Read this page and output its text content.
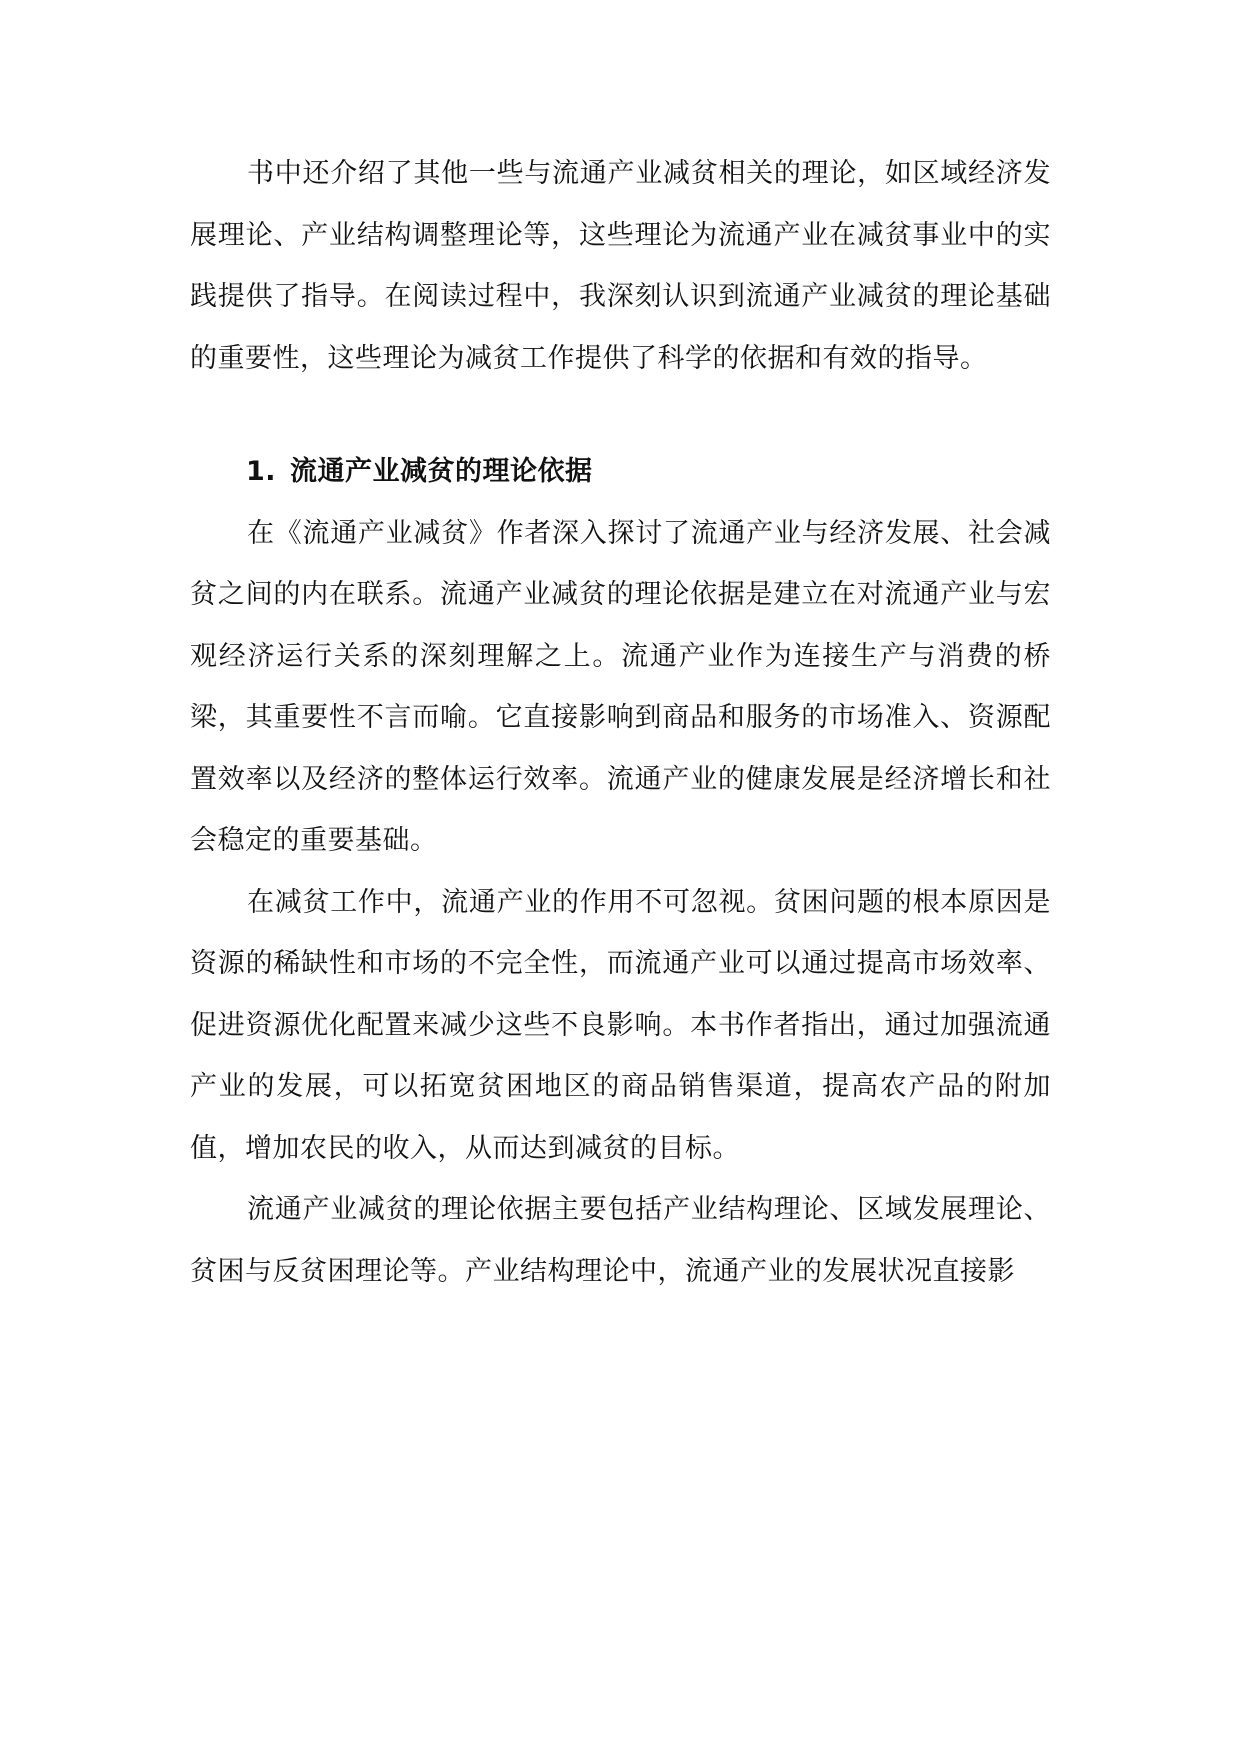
书中还介绍了其他一些与流通产业减贫相关的理论，如区域经济发展理论、产业结构调整理论等，这些理论为流通产业在减贫事业中的实践提供了指导。在阅读过程中，我深刻认识到流通产业减贫的理论基础的重要性，这些理论为减贫工作提供了科学的依据和有效的指导。

1. 流通产业减贫的理论依据

在《流通产业减贫》作者深入探讨了流通产业与经济发展、社会减贫之间的内在联系。流通产业减贫的理论依据是建立在对流通产业与宏观经济运行关系的深刻理解之上。流通产业作为连接生产与消费的桥梁，其重要性不言而喻。它直接影响到商品和服务的市场准入、资源配置效率以及经济的整体运行效率。流通产业的健康发展是经济增长和社会稳定的重要基础。

在减贫工作中，流通产业的作用不可忽视。贫困问题的根本原因是资源的稀缺性和市场的不完全性，而流通产业可以通过提高市场效率、促进资源优化配置来减少这些不良影响。本书作者指出，通过加强流通产业的发展，可以拓宽贫困地区的商品销售渠道，提高农产品的附加值，增加农民的收入，从而达到减贫的目标。

流通产业减贫的理论依据主要包括产业结构理论、区域发展理论、贫困与反贫困理论等。产业结构理论中，流通产业的发展状况直接影
